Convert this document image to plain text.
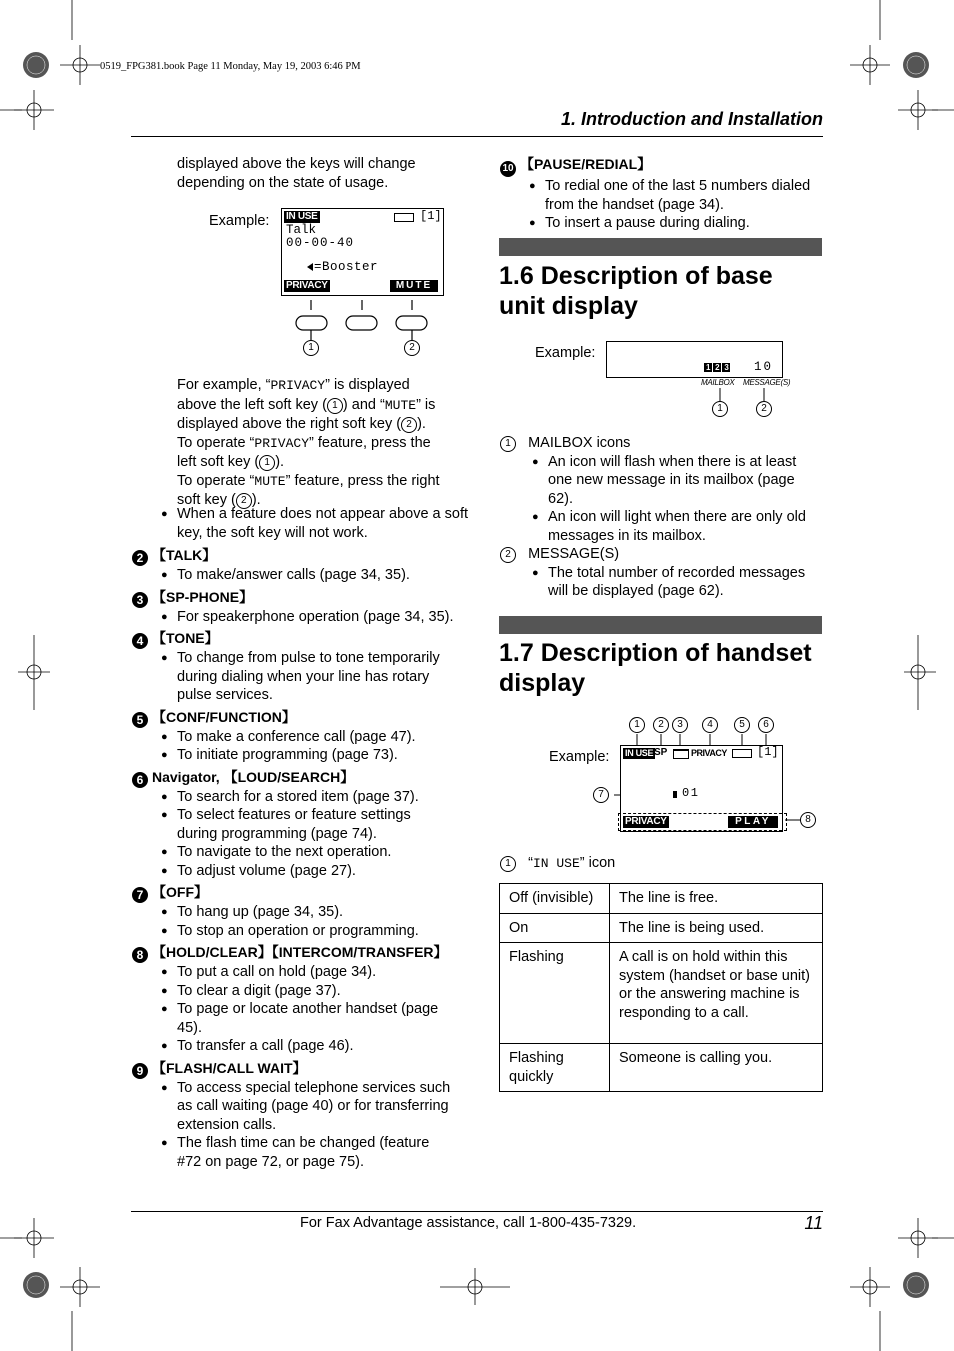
0519_FPG381.book Page 11 Monday, May 19, 2003 6:46 PM
1. Introduction and Installation
displayed above the keys will change depending on the state of usage.
Example: IN USE	[1]
Talk
00-00-40
=Booster
PRIVACY	MUTE
1	2
For example, “PRIVACY” is displayed above the left soft key ( 1 ) and “MUTE” is displayed above the right soft key ( 2 ).
To operate “PRIVACY” feature, press the left soft key ( 1 ).
To operate “MUTE” feature, press the right soft key ( 2 ).
● When a feature does not appear above a soft key, the soft key will not work.
2 【TALK】
● To make/answer calls (page 34, 35).
3 【SP-PHONE】
● For speakerphone operation (page 34, 35).
4 【TONE】
● To change from pulse to tone temporarily during dialing when your line has rotary pulse services.
5 【CONF/FUNCTION】
● To make a conference call (page 47).
● To initiate programming (page 73).
6 Navigator, 【LOUD/SEARCH】
● To search for a stored item (page 37).
● To select features or feature settings during programming (page 74).
● To navigate to the next operation.
● To adjust volume (page 27).
7 【OFF】
● To hang up (page 34, 35).
● To stop an operation or programming.
8 【HOLD/CLEAR】【INTERCOM/TRANSFER】
● To put a call on hold (page 34).
● To clear a digit (page 37).
● To page or locate another handset (page 45).
● To transfer a call (page 46).
9 【FLASH/CALL WAIT】
● To access special telephone services such as call waiting (page 40) or for transferring extension calls.
● The flash time can be changed (feature #72 on page 72, or page 75).
10 【PAUSE/REDIAL】
● To redial one of the last 5 numbers dialed from the handset (page 34).
● To insert a pause during dialing.
1.6 Description of base unit display
Example:
1 2 3 10
MAILBOX MESSAGE(S)
1	2
1 MAILBOX icons
● An icon will flash when there is at least one new message in its mailbox (page 62).
● An icon will light when there are only old messages in its mailbox.
2 MESSAGE(S)
● The total number of recorded messages will be displayed (page 62).
1.7 Description of handset display
1	2	3	4	5	6
Example: IN USE SP	PRIVACY	[1]
01
PRIVACY	PLAY
7
8
1 “IN USE” icon
Off (invisible)	The line is free.
On	The line is being used.
Flashing	A call is on hold within this system (handset or base unit) or the answering machine is responding to a call.
Flashing quickly	Someone is calling you.
For Fax Advantage assistance, call 1-800-435-7329.	11
